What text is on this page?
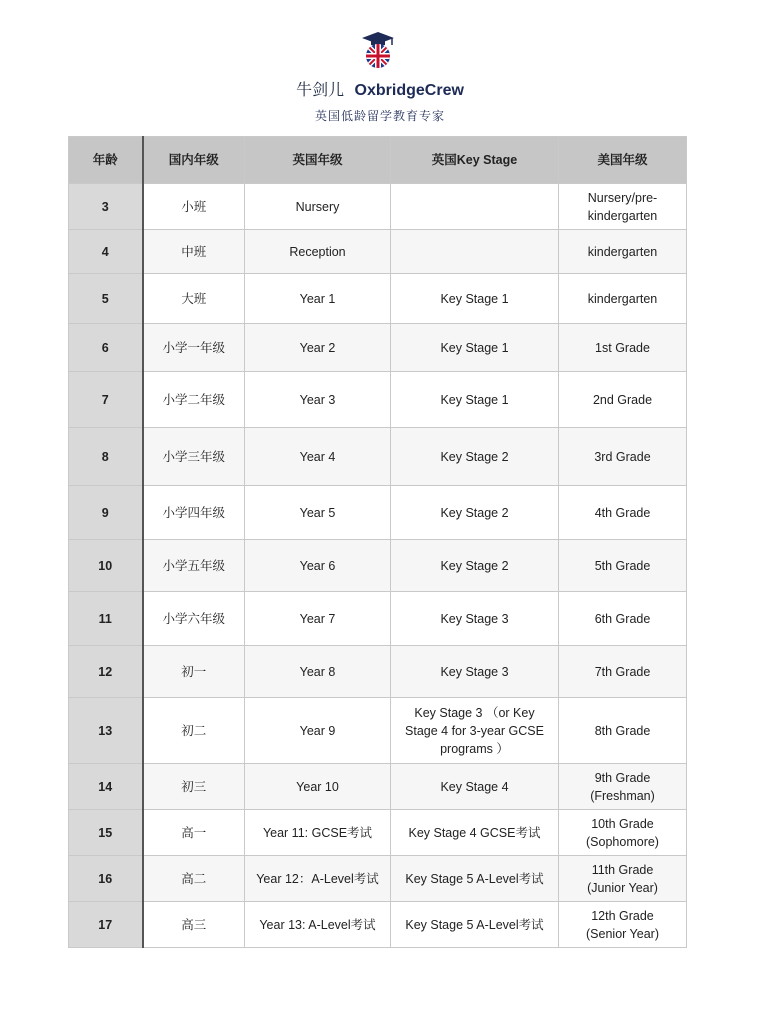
牛剑儿 OxbridgeCrew
英国低龄留学教育专家
年龄	国内年级	英国年级	英国Key Stage	美国年级
3	小班	Nursery		Nursery/pre-
kindergarten
4	中班	Reception		kindergarten
5	大班	Year 1	Key Stage 1	kindergarten
6	小学一年级	Year 2	Key Stage 1	1st Grade
7	小学二年级	Year 3	Key Stage 1	2nd Grade
8	小学三年级	Year 4	Key Stage 2	3rd Grade
9	小学四年级	Year 5	Key Stage 2	4th Grade
10	小学五年级	Year 6	Key Stage 2	5th Grade
11	小学六年级	Year 7	Key Stage 3	6th Grade
12	初一	Year 8	Key Stage 3	7th Grade
13	初二	Year 9	Key Stage 3 （or Key
Stage 4 for 3-year GCSE
programs ）	8th Grade
14	初三	Year 10	Key Stage 4	9th Grade
(Freshman)
15	高一	Year 11: GCSE考试	Key Stage 4 GCSE考试	10th Grade
(Sophomore)
16	高二	Year 12：A-Level考试	Key Stage 5 A-Level考试	11th Grade
(Junior Year)
17	高三	Year 13: A-Level考试	Key Stage 5 A-Level考试	12th Grade
(Senior Year)
